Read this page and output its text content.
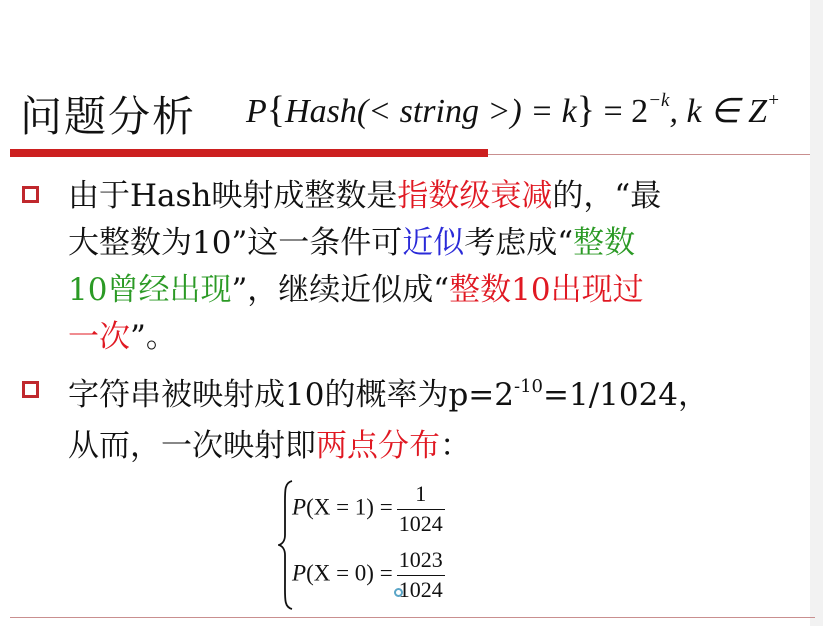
问题分析 P{Hash(< string >) = $k\} = 2^{-k}$, k ∈ Z+
由于Hash映射成整数是指数级衰减的，“最
大整数为10”这一条件可近似考虑成“整数
10曾经出现”，继续近似成“整数10出现过
一次”。
字符串被映射成10的概率为$p=2^{-10}=1/1024$，
从而，一次映射即两点分布：
$P(X = 1) = \frac{1}{1024}$
$P(X = 0) = \frac{1023}{1024}$
